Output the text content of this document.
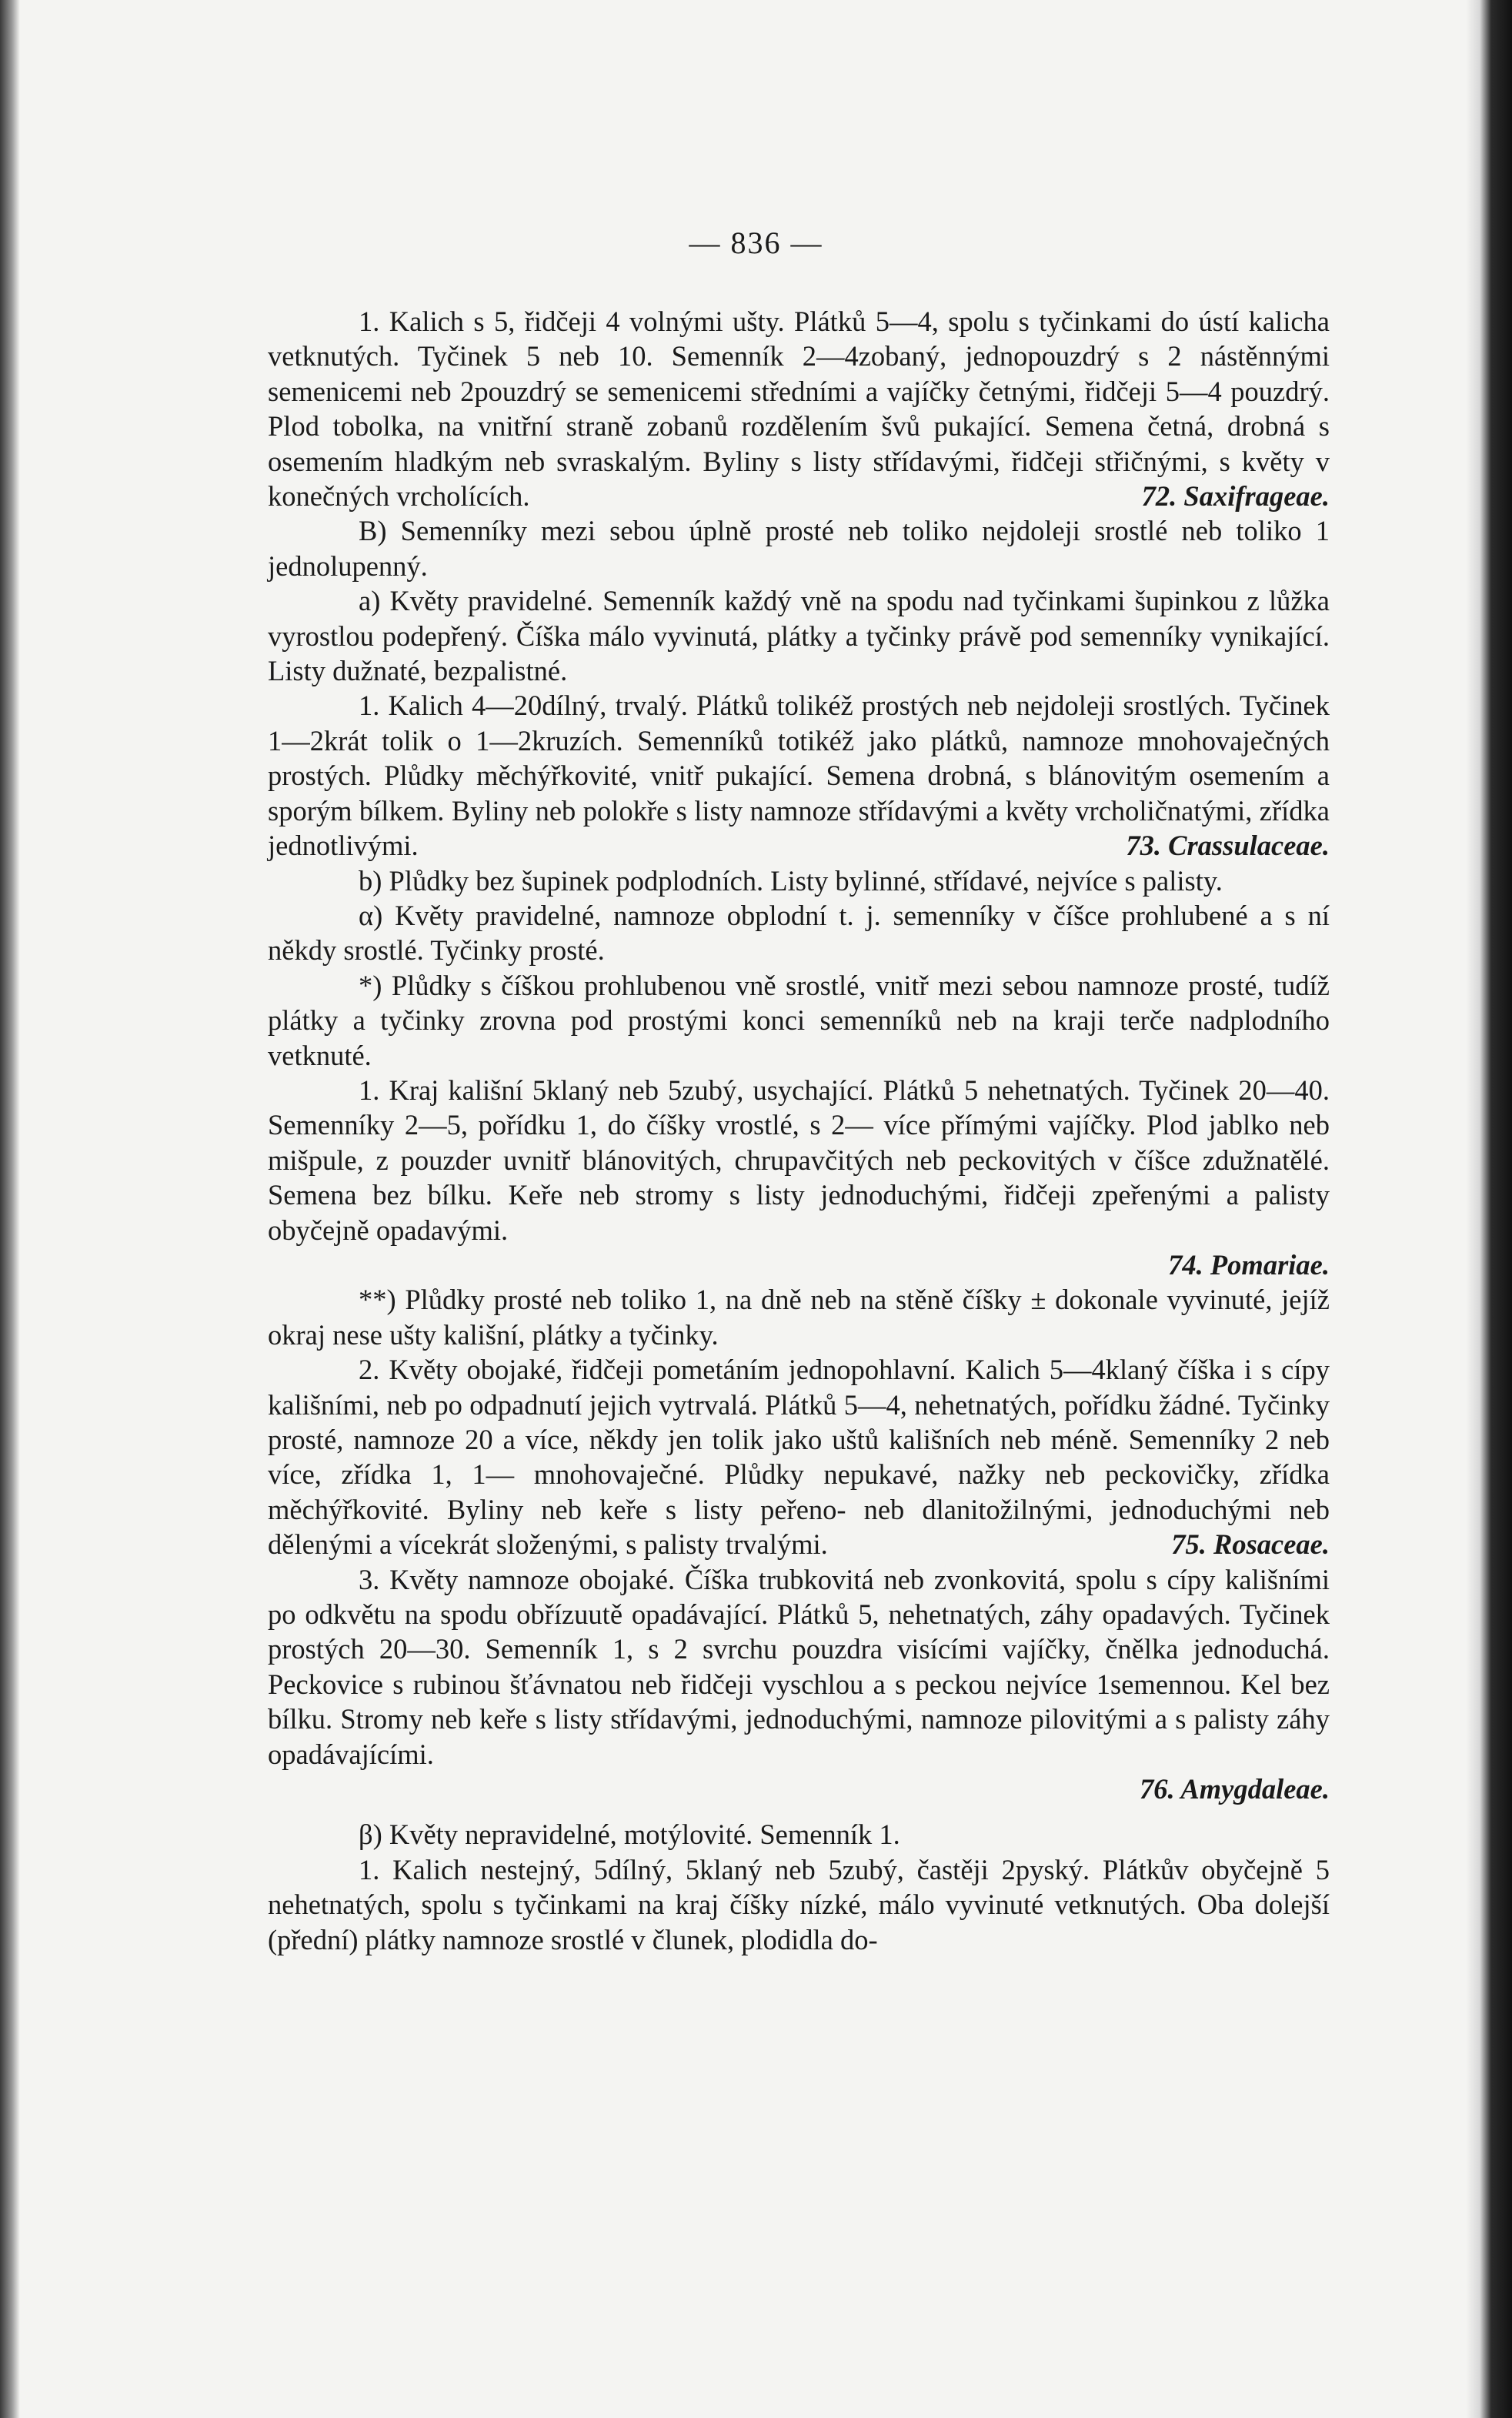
— 836 —

1. Kalich s 5, řidčeji 4 volnými ušty. Plátků 5—4, spolu s tyčinkami do ústí kalicha vetknutých. Tyčinek 5 neb 10. Semenník 2—4zobaný, jednopouzdrý s 2 nástěnnými semenicemi neb 2pouzdrý se semenicemi středními a vajíčky četnými, řidčeji 5—4 pouzdrý. Plod tobolka, na vnitřní straně zobanů rozdělením švů pukající. Semena četná, drobná s osemením hladkým neb svraskalým. Byliny s listy střídavými, řidčeji střičnými, s květy v konečných vrcholících.	72. Saxifrageae.

B) Semenníky mezi sebou úplně prosté neb toliko nejdoleji srostlé neb toliko 1 jednolupenný.

a) Květy pravidelné. Semenník každý vně na spodu nad tyčinkami šupinkou z lůžka vyrostlou podepřený. Číška málo vyvinutá, plátky a tyčinky právě pod semenníky vynikající. Listy dužnaté, bezpalistné.

1. Kalich 4—20dílný, trvalý. Plátků tolikéž prostých neb nejdoleji srostlých. Tyčinek 1—2krát tolik o 1—2kruzích. Semenníků totikéž jako plátků, namnoze mnohovaječných prostých. Plůdky měchýřkovité, vnitř pukající. Semena drobná, s blánovitým osemením a sporým bílkem. Byliny neb polokře s listy namnoze střídavými a květy vrcholičnatými, zřídka jednotlivými.	73. Crassulaceae.

b) Plůdky bez šupinek podplodních. Listy bylinné, střídavé, nejvíce s palisty.

α) Květy pravidelné, namnoze obplodní t. j. semenníky v číšce prohlubené a s ní někdy srostlé. Tyčinky prosté.

*) Plůdky s číškou prohlubenou vně srostlé, vnitř mezi sebou namnoze prosté, tudíž plátky a tyčinky zrovna pod prostými konci semenníků neb na kraji terče nadplodního vetknuté.

1. Kraj kališní 5klaný neb 5zubý, usychající. Plátků 5 nehetnatých. Tyčinek 20—40. Semenníky 2—5, pořídku 1, do číšky vrostlé, s 2— více přímými vajíčky. Plod jablko neb mišpule, z pouzder uvnitř blánovitých, chrupavčitých neb peckovitých v číšce zdužnatělé. Semena bez bílku. Keře neb stromy s listy jednoduchými, řidčeji zpeřenými a palisty obyčejně opadavými.

74. Pomariae.

**) Plůdky prosté neb toliko 1, na dně neb na stěně číšky ± dokonale vyvinuté, jejíž okraj nese ušty kališní, plátky a tyčinky.

2. Květy obojaké, řidčeji pometáním jednopohlavní. Kalich 5—4klaný číška i s cípy kališními, neb po odpadnutí jejich vytrvalá. Plátků 5—4, nehetnatých, pořídku žádné. Tyčinky prosté, namnoze 20 a více, někdy jen tolik jako uštů kališních neb méně. Semenníky 2 neb více, zřídka 1, 1— mnohovaječné. Plůdky nepukavé, nažky neb peckovičky, zřídka měchýřkovité. Byliny neb keře s listy peřeno- neb dlanitožilnými, jednoduchými neb dělenými a vícekrát složenými, s palisty trvalými.	75. Rosaceae.

3. Květy namnoze obojaké. Číška trubkovitá neb zvonkovitá, spolu s cípy kališními po odkvětu na spodu obřízuutě opadávající. Plátků 5, nehetnatých, záhy opadavých. Tyčinek prostých 20—30. Semenník 1, s 2 svrchu pouzdra visícími vajíčky, čnělka jednoduchá. Peckovice s rubinou šťávnatou neb řidčeji vyschlou a s peckou nejvíce 1semennou. Kel bez bílku. Stromy neb keře s listy střídavými, jednoduchými, namnoze pilovitými a s palisty záhy opadávajícími.

76. Amygdaleae.

β) Květy nepravidelné, motýlovité. Semenník 1.

1. Kalich nestejný, 5dílný, 5klaný neb 5zubý, častěji 2pyský. Plátkův obyčejně 5 nehetnatých, spolu s tyčinkami na kraj číšky nízké, málo vyvinuté vetknutých. Oba dolejší (přední) plátky namnoze srostlé v člunek, plodidla do-
